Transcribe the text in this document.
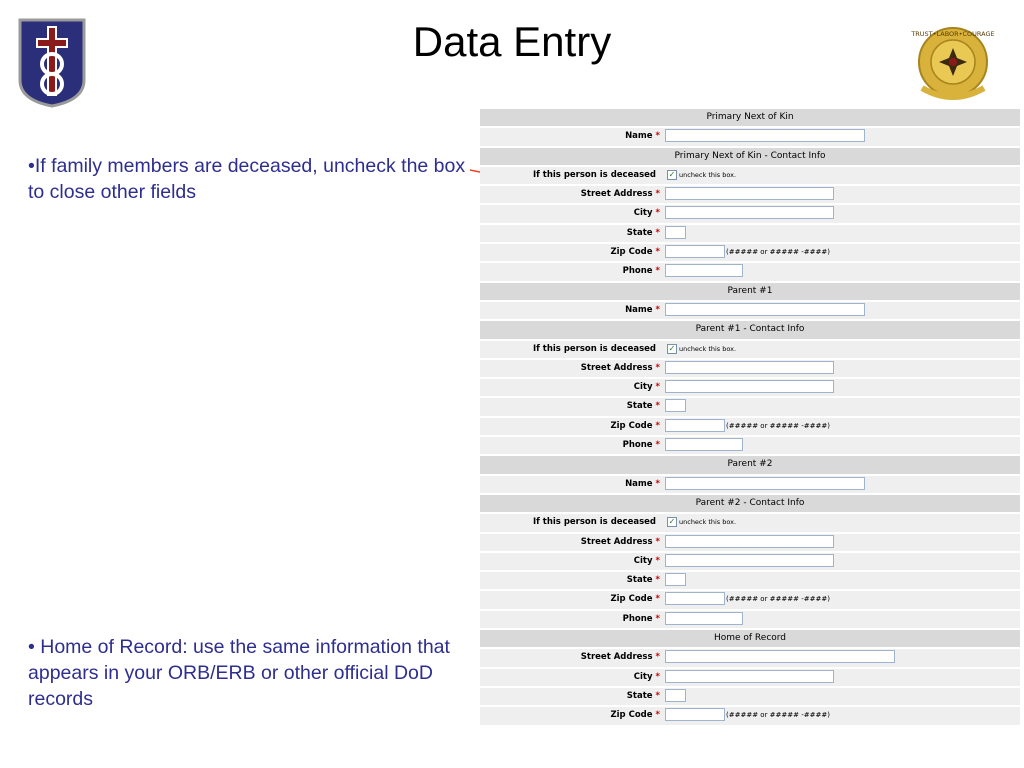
Data Entry	TRUST•LABOR•COURAGE
•If family members are deceased, uncheck the box to close other fields
• Home of Record: use the same information that appears in your ORB/ERB or other official DoD records
Primary Next of Kin
Name *
Primary Next of Kin - Contact Info
If this person is deceased ✓ uncheck this box.
Street Address *
City *
State *
Zip Code *	(##### or ##### -####)
Phone *
Parent #1
Name *
Parent #1 - Contact Info
If this person is deceased ✓ uncheck this box.
Street Address *
City *
State *
Zip Code *	(##### or ##### -####)
Phone *
Parent #2
Name *
Parent #2 - Contact Info
If this person is deceased ✓ uncheck this box.
Street Address *
City *
State *
Zip Code *	(##### or ##### -####)
Phone *
Home of Record
Street Address *
City *
State *
Zip Code *	(##### or ##### -####)
